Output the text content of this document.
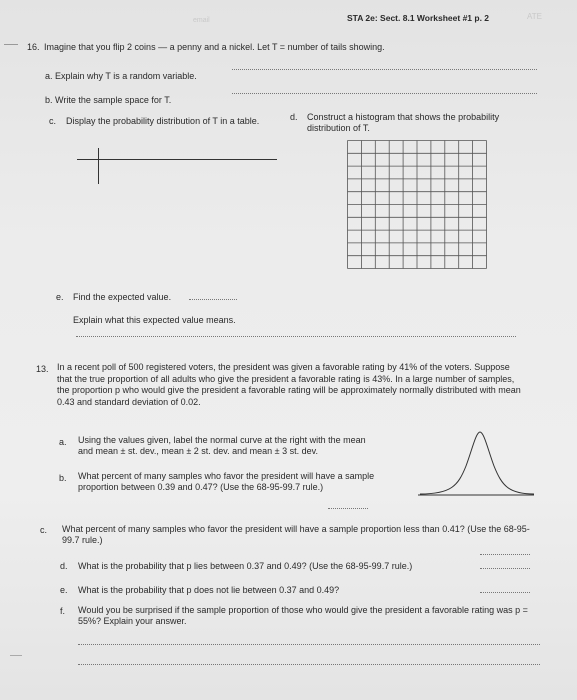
email	STA 2e: Sect. 8.1 Worksheet #1 p. 2	ATE
16. Imagine that you flip 2 coins — a penny and a nickel. Let T = number of tails showing.
a. Explain why T is a random variable.
b. Write the sample space for T.
c. Display the probability distribution of T in a table.	d. Construct a histogram that shows the probability distribution of T.
e. Find the expected value.
Explain what this expected value means.
13. In a recent poll of 500 registered voters, the president was given a favorable rating by 41% of the voters. Suppose that the true proportion of all adults who give the president a favorable rating is 43%. In a large number of samples, the proportion p who would give the president a favorable rating will be approximately normally distributed with mean 0.43 and standard deviation of 0.02.
a. Using the values given, label the normal curve at the right with the mean and mean ± st. dev., mean ± 2 st. dev. and mean ± 3 st. dev.
b. What percent of many samples who favor the president will have a sample proportion between 0.39 and 0.47? (Use the 68-95-99.7 rule.)
c. What percent of many samples who favor the president will have a sample proportion less than 0.41? (Use the 68-95-99.7 rule.)
d. What is the probability that p lies between 0.37 and 0.49? (Use the 68-95-99.7 rule.)
e. What is the probability that p does not lie between 0.37 and 0.49?
f. Would you be surprised if the sample proportion of those who would give the president a favorable rating was p = 55%? Explain your answer.
